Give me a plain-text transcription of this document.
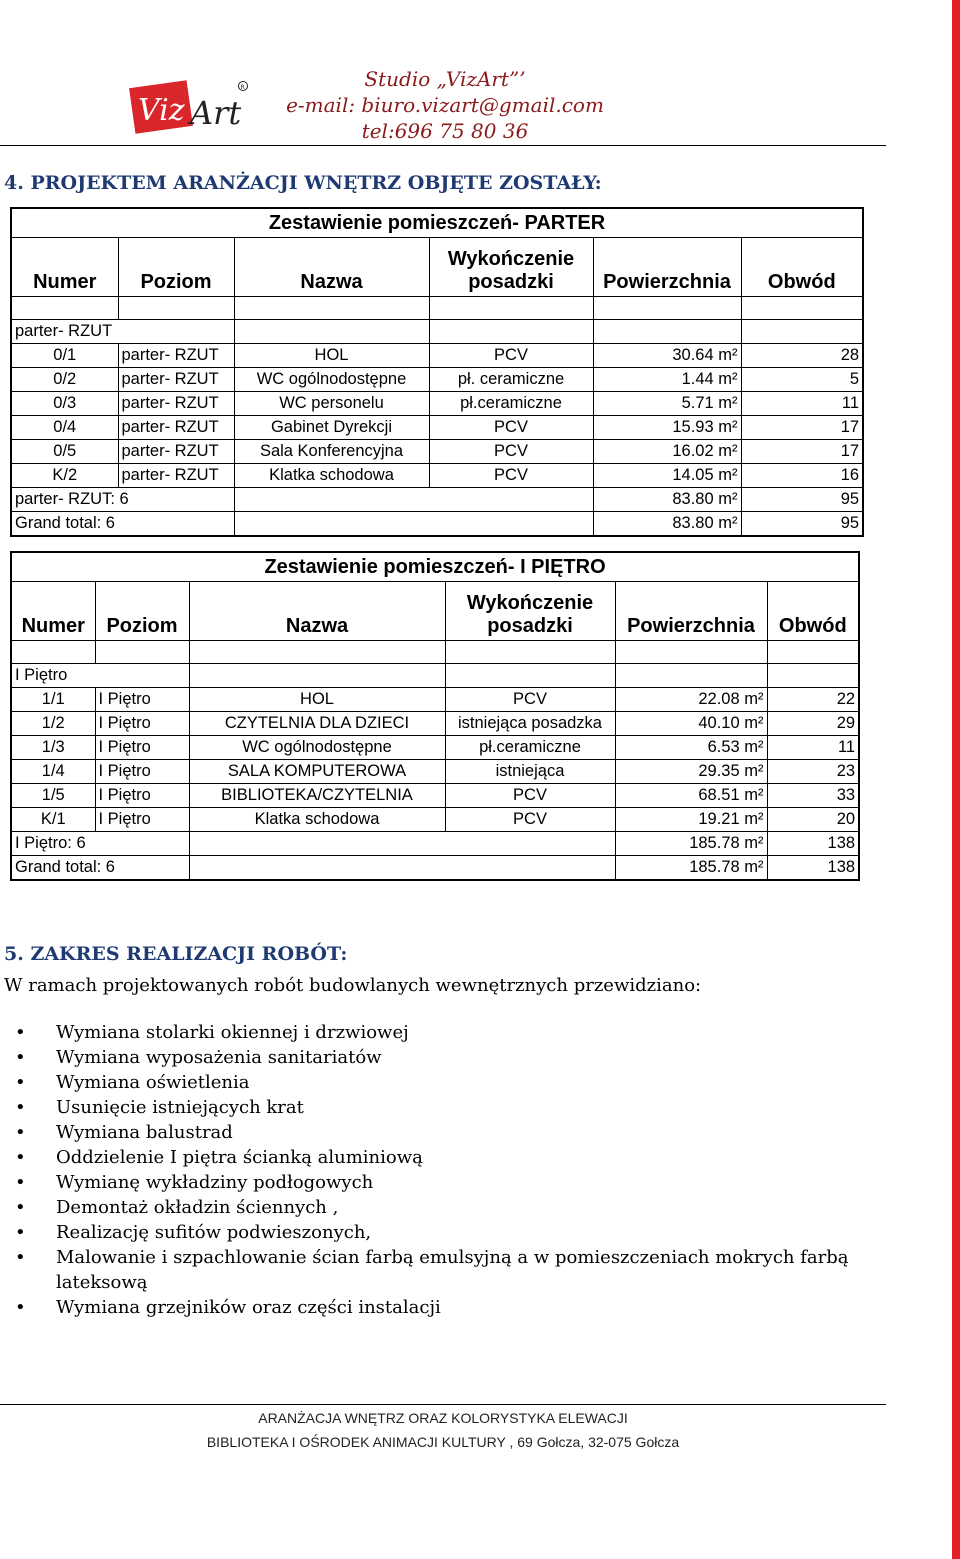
Viz Art
R	Studio „VizArt”’
e-mail: biuro.vizart@gmail.com
tel:696 75 80 36
4. PROJEKTEM ARANŻACJI WNĘTRZ OBJĘTE ZOSTAŁY:
Zestawienie pomieszczeń- PARTER					
Numer	Poziom	Nazwa	Wykończenie posadzki	Powierzchnia	Obwód

parter- RZUT					
0/1	parter- RZUT	HOL	PCV	30.64 m²	28
0/2	parter- RZUT	WC ogólnodostępne	pł. ceramiczne	1.44 m²	5
0/3	parter- RZUT	WC personelu	pł.ceramiczne	5.71 m²	11
0/4	parter- RZUT	Gabinet Dyrekcji	PCV	15.93 m²	17
0/5	parter- RZUT	Sala Konferencyjna	PCV	16.02 m²	17
K/2	parter- RZUT	Klatka schodowa	PCV	14.05 m²	16
parter- RZUT: 6				83.80 m²	95
Grand total: 6				83.80 m²	95
Zestawienie pomieszczeń- I PIĘTRO					
Numer	Poziom	Nazwa	Wykończenie posadzki	Powierzchnia	Obwód

I Piętro					
1/1	I Piętro	HOL	PCV	22.08 m²	22
1/2	I Piętro	CZYTELNIA DLA DZIECI	istniejąca posadzka	40.10 m²	29
1/3	I Piętro	WC ogólnodostępne	pł.ceramiczne	6.53 m²	11
1/4	I Piętro	SALA KOMPUTEROWA	istniejąca	29.35 m²	23
1/5	I Piętro	BIBLIOTEKA/CZYTELNIA	PCV	68.51 m²	33
K/1	I Piętro	Klatka schodowa	PCV	19.21 m²	20
I Piętro: 6				185.78 m²	138
Grand total: 6				185.78 m²	138
5. ZAKRES REALIZACJI ROBÓT:
W ramach projektowanych robót budowlanych wewnętrznych przewidziano:
• Wymiana stolarki okiennej i drzwiowej
• Wymiana wyposażenia sanitariatów
• Wymiana oświetlenia
• Usunięcie istniejących krat
• Wymiana balustrad
• Oddzielenie I piętra ścianką aluminiową
• Wymianę wykładziny podłogowych
• Demontaż okładzin ściennych ,
• Realizację sufitów podwieszonych,
• Malowanie i szpachlowanie ścian farbą emulsyjną a w pomieszczeniach mokrych farbą lateksową
• Wymiana grzejników oraz części instalacji
ARANŻACJA WNĘTRZ ORAZ KOLORYSTYKA ELEWACJI
BIBLIOTEKA I OŚRODEK ANIMACJI KULTURY , 69 Gołcza, 32-075 Gołcza
